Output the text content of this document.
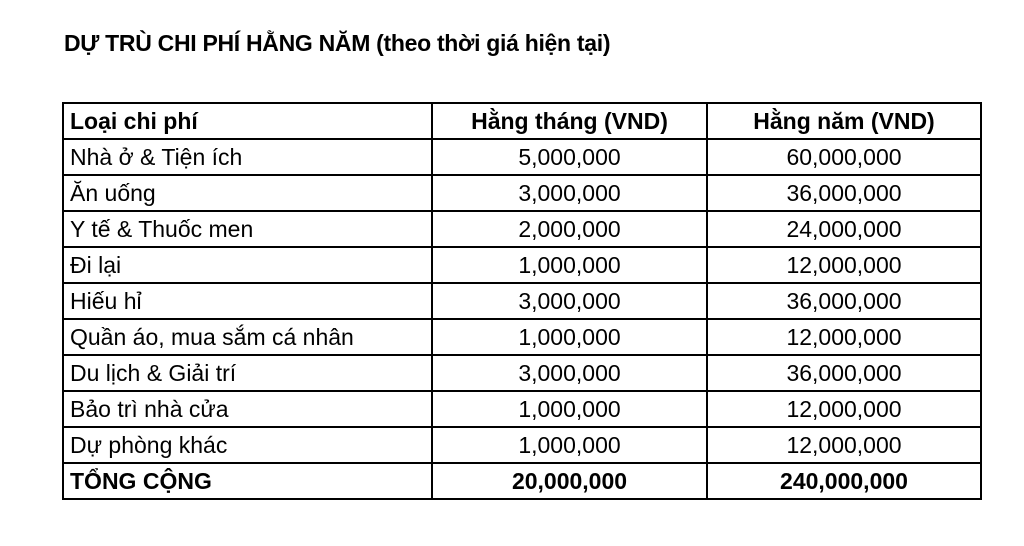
DỰ TRÙ CHI PHÍ HẰNG NĂM (theo thời giá hiện tại)
Loại chi phí	Hằng tháng (VND)	Hằng năm (VND)
Nhà ở & Tiện ích	5,000,000	60,000,000
Ăn uống	3,000,000	36,000,000
Y tế & Thuốc men	2,000,000	24,000,000
Đi lại	1,000,000	12,000,000
Hiếu hỉ	3,000,000	36,000,000
Quần áo, mua sắm cá nhân	1,000,000	12,000,000
Du lịch & Giải trí	3,000,000	36,000,000
Bảo trì nhà cửa	1,000,000	12,000,000
Dự phòng khác	1,000,000	12,000,000
TỔNG CỘNG	20,000,000	240,000,000
